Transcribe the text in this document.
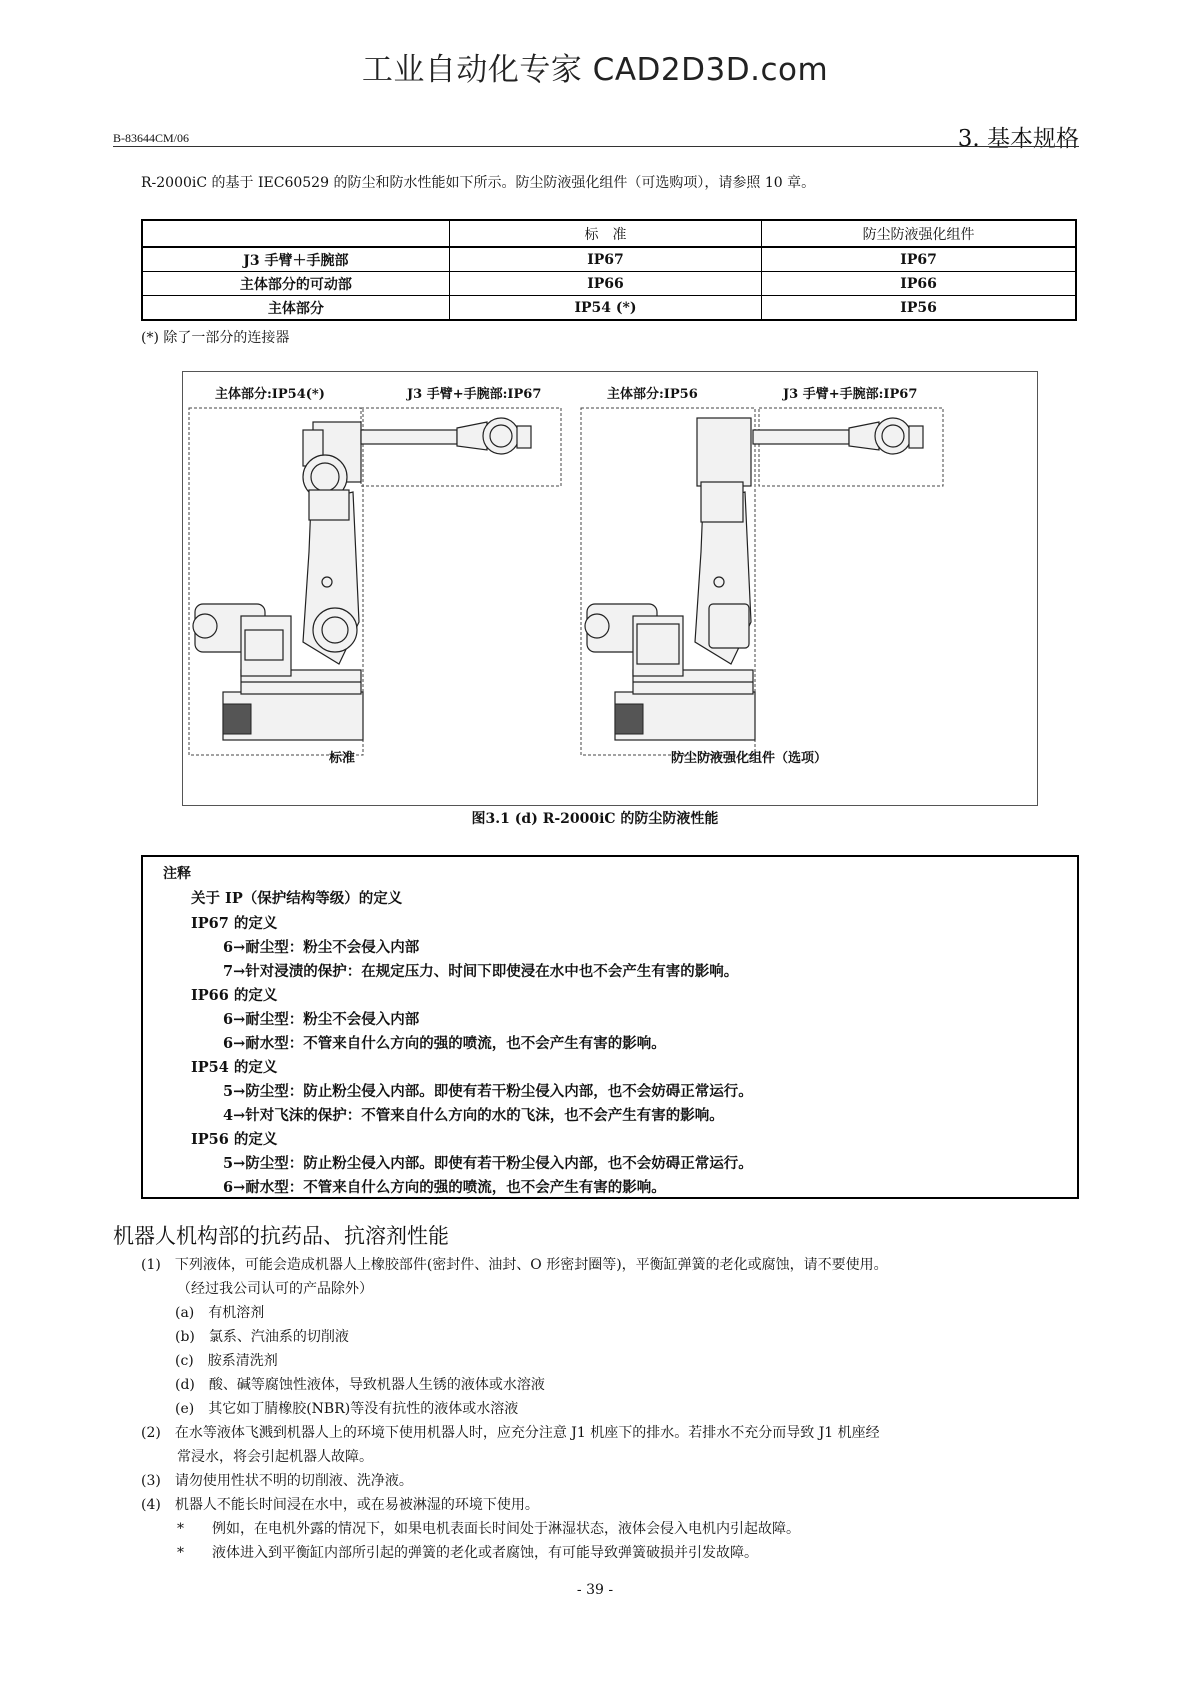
工业自动化专家 CAD2D3D.com
B-83644CM/06	3. 基本规格
R-2000iC 的基于 IEC60529 的防尘和防水性能如下所示。防尘防液强化组件（可选购项），请参照 10 章。
	标　准	防尘防液强化组件
J3 手臂＋手腕部	IP67	IP67
主体部分的可动部	IP66	IP66
主体部分	IP54 (*)	IP56
(*) 除了一部分的连接器
主体部分:IP54(*)	J3 手臂+手腕部:IP67
标准
主体部分:IP56	J3 手臂+手腕部:IP67
防尘防液强化组件（选项）
图3.1 (d) R-2000iC 的防尘防液性能
注释
关于 IP（保护结构等级）的定义
IP67 的定义
6→耐尘型：粉尘不会侵入内部
7→针对浸渍的保护：在规定压力、时间下即使浸在水中也不会产生有害的影响。
IP66 的定义
6→耐尘型：粉尘不会侵入内部
6→耐水型：不管来自什么方向的强的喷流，也不会产生有害的影响。
IP54 的定义
5→防尘型：防止粉尘侵入内部。即使有若干粉尘侵入内部，也不会妨碍正常运行。
4→针对飞沫的保护：不管来自什么方向的水的飞沫，也不会产生有害的影响。
IP56 的定义
5→防尘型：防止粉尘侵入内部。即使有若干粉尘侵入内部，也不会妨碍正常运行。
6→耐水型：不管来自什么方向的强的喷流，也不会产生有害的影响。
机器人机构部的抗药品、抗溶剂性能
(1)　下列液体，可能会造成机器人上橡胶部件(密封件、油封、O 形密封圈等)，平衡缸弹簧的老化或腐蚀，请不要使用。
（经过我公司认可的产品除外）
(a)　有机溶剂
(b)　氯系、汽油系的切削液
(c)　胺系清洗剂
(d)　酸、碱等腐蚀性液体，导致机器人生锈的液体或水溶液
(e)　其它如丁腈橡胶(NBR)等没有抗性的液体或水溶液
(2)　在水等液体飞溅到机器人上的环境下使用机器人时，应充分注意 J1 机座下的排水。若排水不充分而导致 J1 机座经
常浸水，将会引起机器人故障。
(3)　请勿使用性状不明的切削液、洗净液。
(4)　机器人不能长时间浸在水中，或在易被淋湿的环境下使用。
*　　例如，在电机外露的情况下，如果电机表面长时间处于淋湿状态，液体会侵入电机内引起故障。
*　　液体进入到平衡缸内部所引起的弹簧的老化或者腐蚀，有可能导致弹簧破损并引发故障。
- 39 -
